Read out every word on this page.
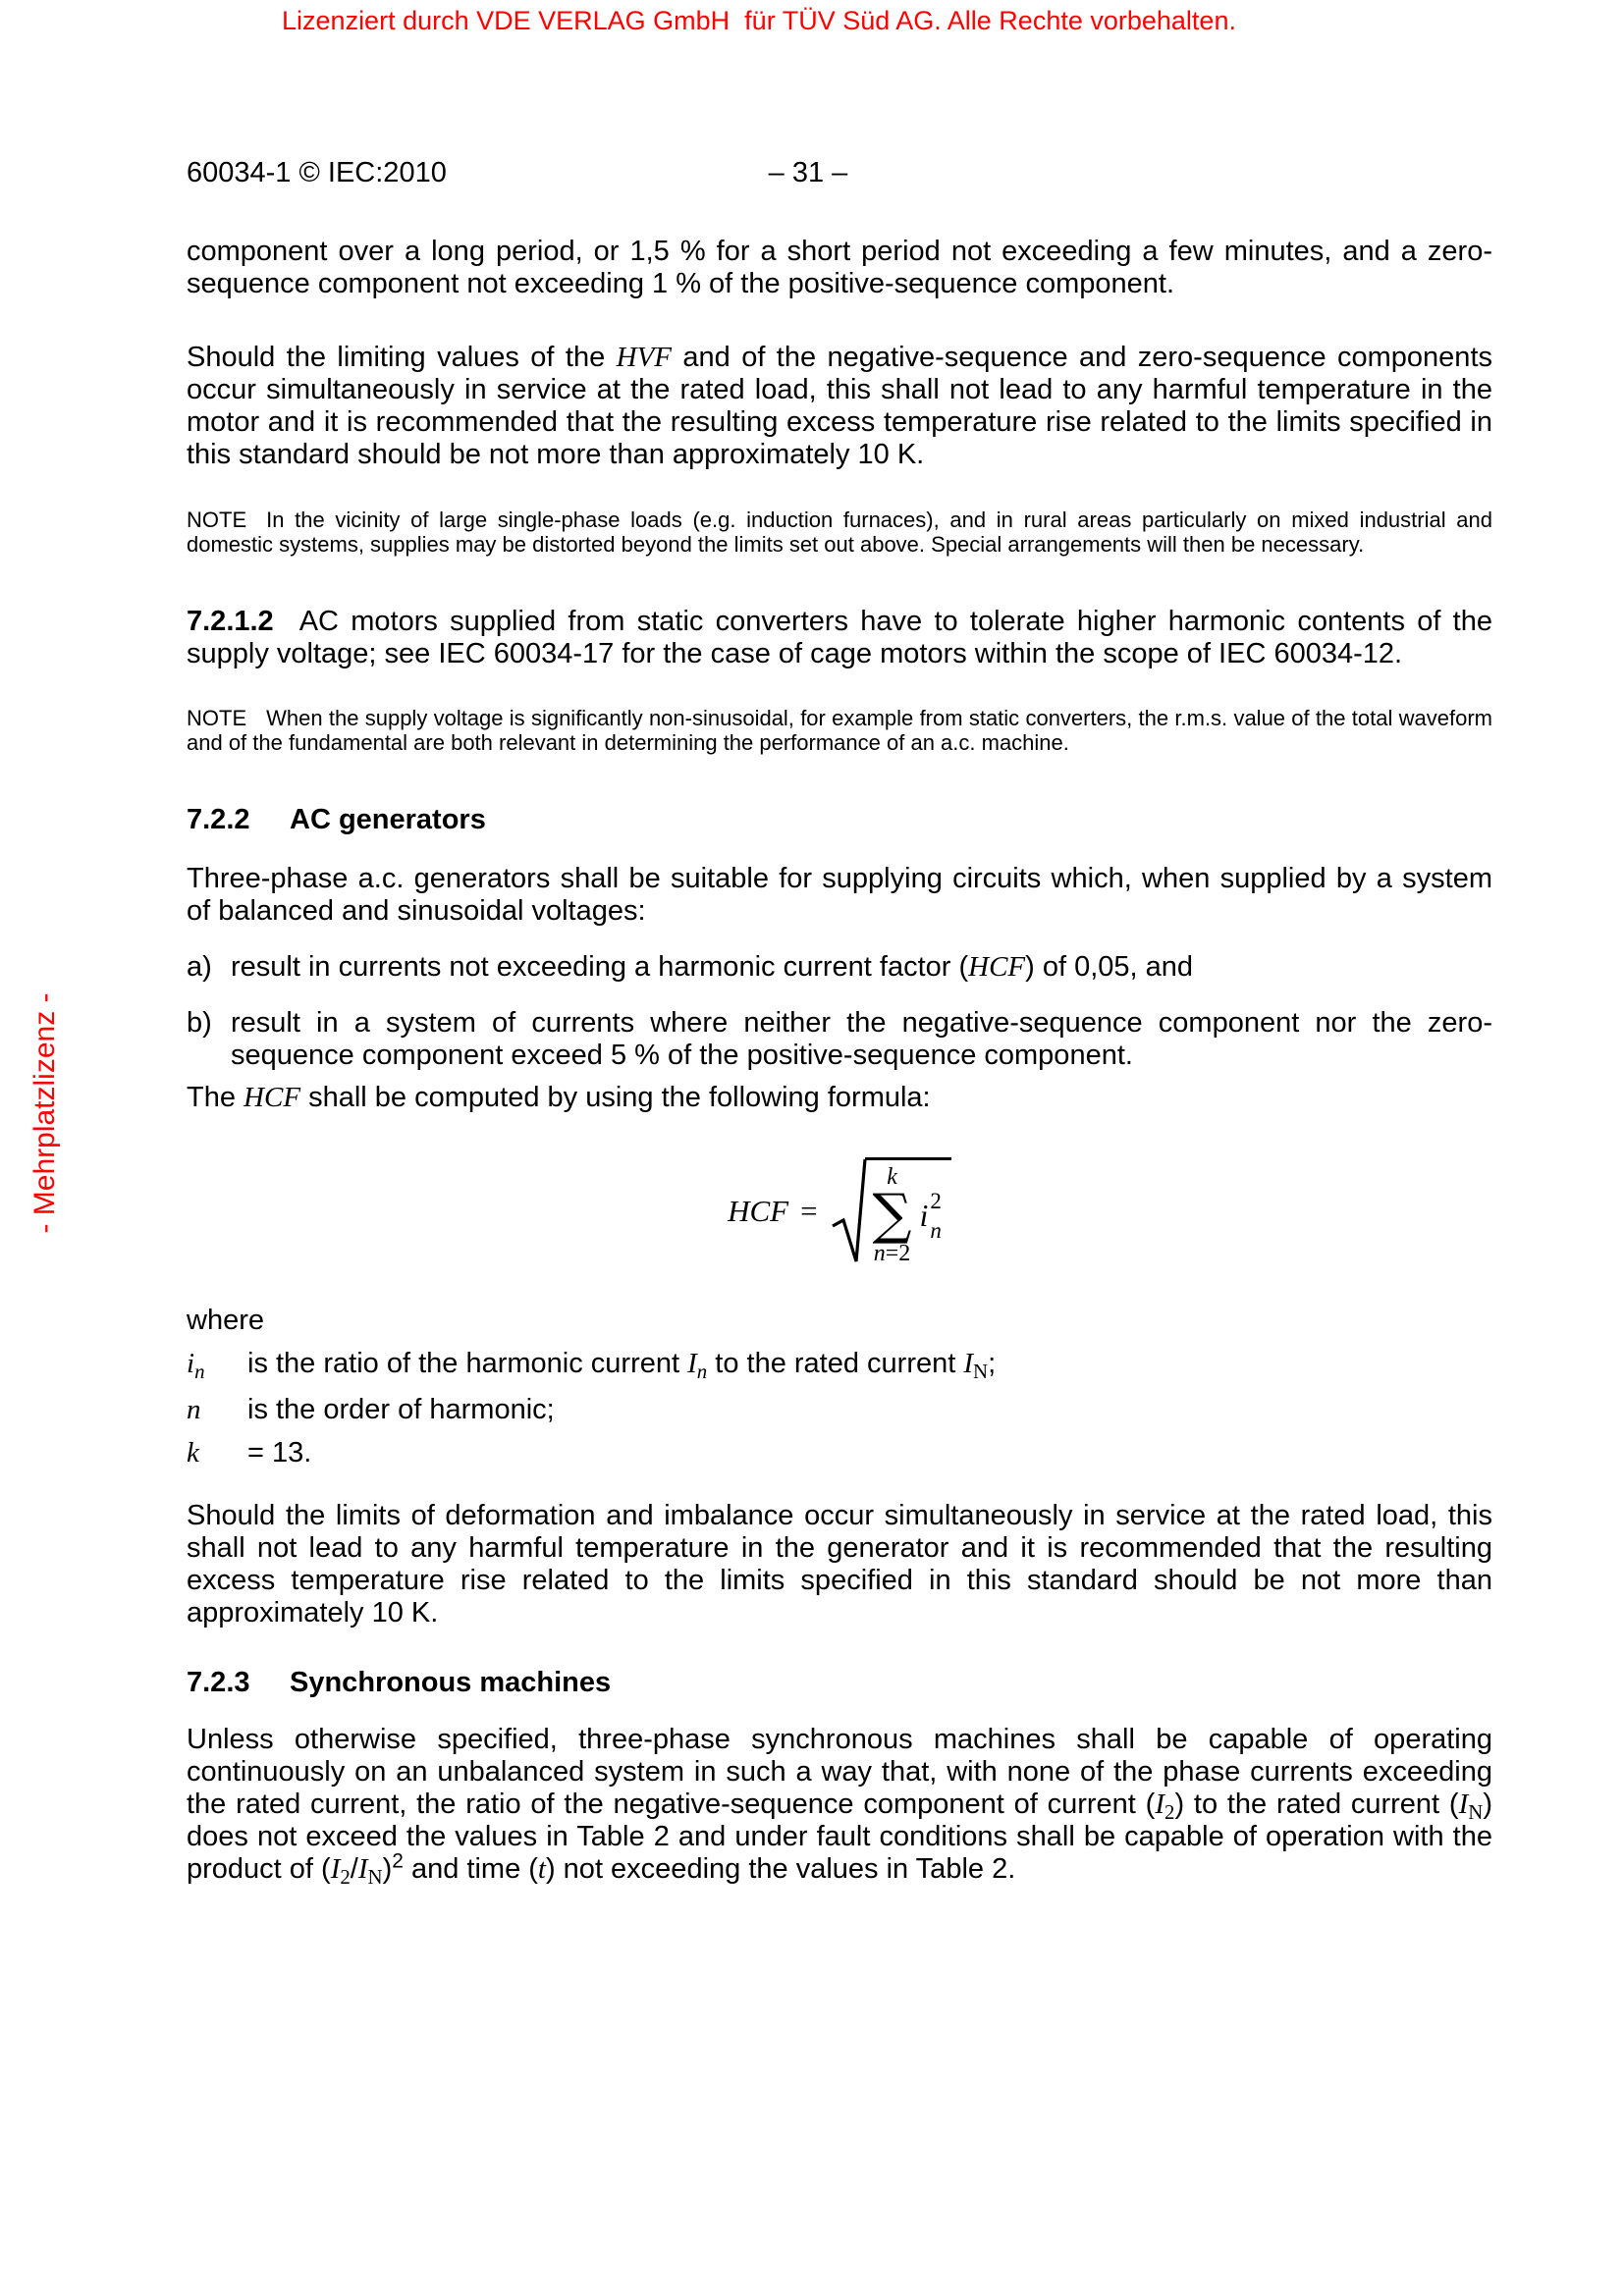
Lizenziert durch VDE VERLAG GmbH  für TÜV Süd AG. Alle Rechte vorbehalten.
- Mehrplatzlizenz -
60034-1 © IEC:2010	– 31 –

component over a long period, or 1,5 % for a short period not exceeding a few minutes, and a zero-sequence component not exceeding 1 % of the positive-sequence component.

Should the limiting values of the HVF and of the negative-sequence and zero-sequence components occur simultaneously in service at the rated load, this shall not lead to any harmful temperature in the motor and it is recommended that the resulting excess temperature rise related to the limits specified in this standard should be not more than approximately 10 K.

NOTE In the vicinity of large single-phase loads (e.g. induction furnaces), and in rural areas particularly on mixed industrial and domestic systems, supplies may be distorted beyond the limits set out above. Special arrangements will then be necessary.

7.2.1.2 AC motors supplied from static converters have to tolerate higher harmonic contents of the supply voltage; see IEC 60034-17 for the case of cage motors within the scope of IEC 60034-12.

NOTE When the supply voltage is significantly non-sinusoidal, for example from static converters, the r.m.s. value of the total waveform and of the fundamental are both relevant in determining the performance of an a.c. machine.

7.2.2 AC generators

Three-phase a.c. generators shall be suitable for supplying circuits which, when supplied by a system of balanced and sinusoidal voltages:

a) result in currents not exceeding a harmonic current factor (HCF) of 0,05, and
b) result in a system of currents where neither the negative-sequence component nor the zero-sequence component exceed 5 % of the positive-sequence component.

The HCF shall be computed by using the following formula:

HCF =
k
∑
n=2
i 2
n

where

$i_n$	is the ratio of the harmonic current $I_n$ to the rated current $I_N$;
n	is the order of harmonic;
k	= 13.

Should the limits of deformation and imbalance occur simultaneously in service at the rated load, this shall not lead to any harmful temperature in the generator and it is recommended that the resulting excess temperature rise related to the limits specified in this standard should be not more than approximately 10 K.

7.2.3 Synchronous machines

Unless otherwise specified, three-phase synchronous machines shall be capable of operating continuously on an unbalanced system in such a way that, with none of the phase currents exceeding the rated current, the ratio of the negative-sequence component of current $(I_2)$ to the rated current $(I_N)$ does not exceed the values in Table 2 and under fault conditions shall be capable of operation with the product of $(I_2/I_N)^2$ and time (t) not exceeding the values in Table 2.
